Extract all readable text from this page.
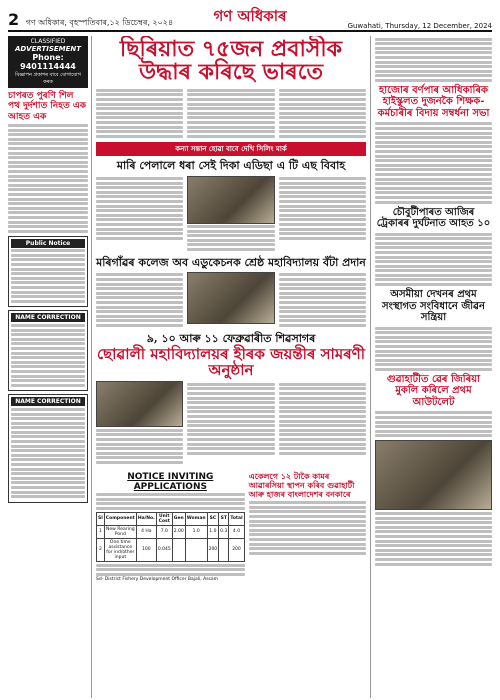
2 গণ অধিকাৰ, বৃহস্পতিবাৰ,১২ ডিচেম্বৰ, ২০২৪	গণ অধিকাৰ
Guwahati, Thursday, 12 December, 2024
CLASSIFIED
ADVERTISEMENT
Phone: 9401114444
বিজ্ঞাপন প্ৰকাশৰ বাবে যোগাযোগ কৰক
চাপৰত পুৰণি শিল পথ দুৰ্দশাত নিহত এক আহত এক
Public Notice
NAME CORRECTION
NAME CORRECTION
ছিৰিয়াত ৭৫জন প্ৰবাসীক উদ্ধাৰ কৰিছে ভাৰতে
কন্যা সন্তান হোৱা বাবে দেখি সিলিং মাৰ্ক
মাৰি পেলালে ধৰা সেই দিকা এডিছা এ টি এছ বিবাহ
মৰিগাঁৱৰ কলেজ অব এডুকেচনক শ্ৰেষ্ঠ মহাবিদ্যালয় বঁটা প্ৰদান
৯, ১০ আৰু ১১ ফেব্ৰুৱাৰীত শিৱসাগৰ
ছোৱালী মহাবিদ্যালয়ৰ হীৰক জয়ন্তীৰ সামৰণী অনুষ্ঠান
NOTICE INVITING APPLICATIONS
Sl	Component	Ha/No.	Unit Cost	Gen	Woman	SC	ST	Total
1	New Rearing Pond	4 Ha	7.0	2.00	1.0	1.0	0.3	4.0
2	One time assistance for ind/other input	100	0.045			200		200
Sd- District Fishery Development Officer Bajali, Assam
একেলগে ১২ টাকৈ কামৰ আৱাৰসিয়া স্থাপন কৰিব গুৱাহাটী আৰু হাজৰ বাংলাদেশৰ বনকাৰে
হাজোৰ বৰ্ণপাৰ আধিকাৰিক হাইস্কুলত দুজনকৈ শিক্ষক-কৰ্মচাৰীৰ বিদায় সম্বৰ্ধনা সভা
চৌবুটীপাৰত আজিৰ ট্ৰেকাৰৰ দুৰ্ঘটনাত আহত ১০
অসমীয়া দেখনৰ প্ৰথম সংস্থাগত সংবিধানে জীৱন সন্ত্ৰিয়া
গুৱাহাটীত ৱেৰ জিৰিয়া মুকলি কৰিলে প্ৰথম আউটলেট
